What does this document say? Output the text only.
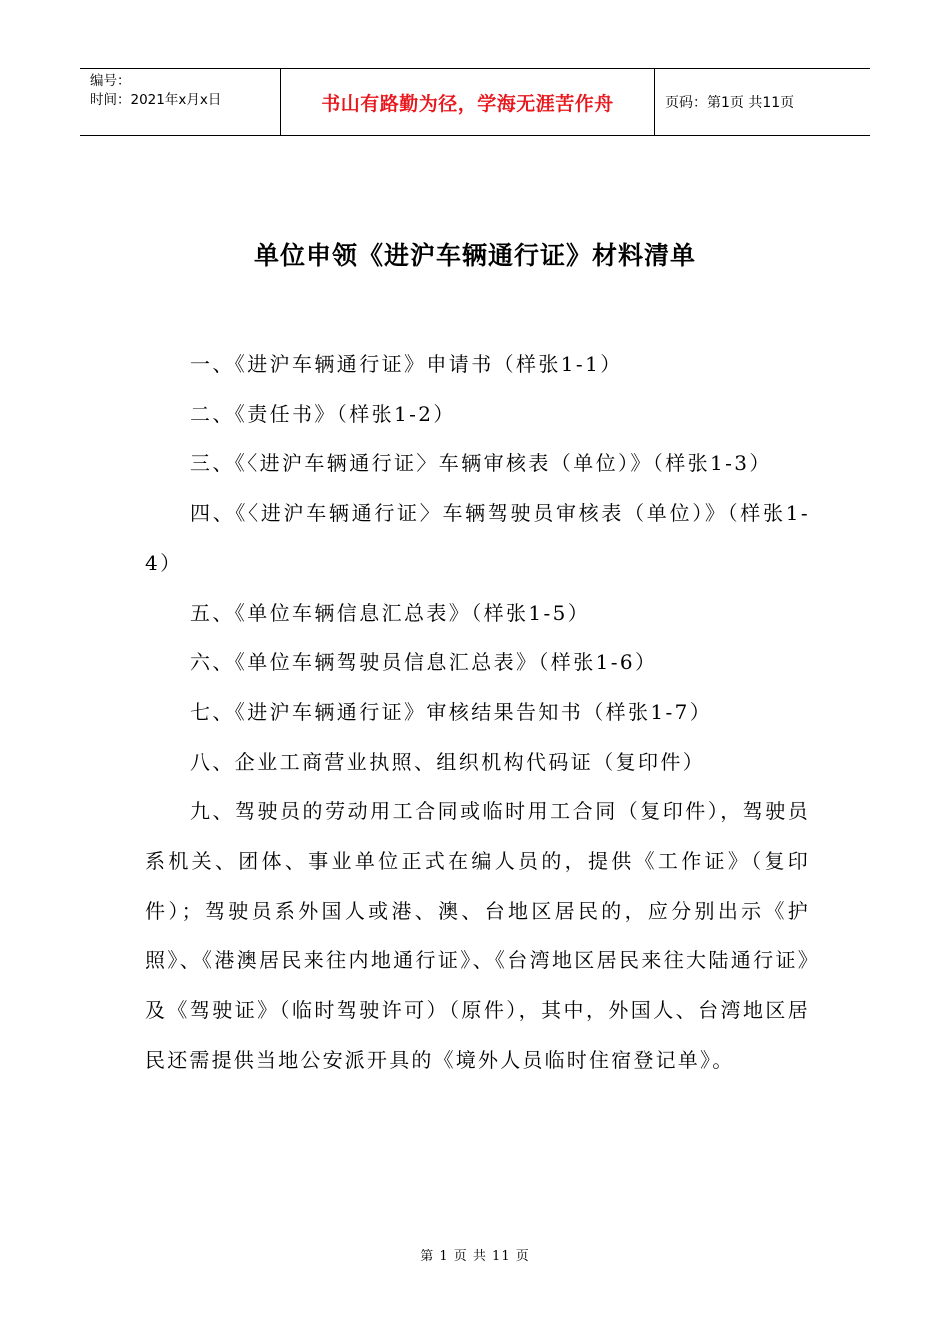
编号：
时间：2021年x月x日	书山有路勤为径，学海无涯苦作舟	页码：第1页 共11页
单位申领《进沪车辆通行证》材料清单

一、《进沪车辆通行证》申请书（样张1-1）

二、《责任书》（样张1-2）

三、《〈进沪车辆通行证〉车辆审核表（单位）》（样张1-3）

四、《〈进沪车辆通行证〉车辆驾驶员审核表（单位）》（样张1-4）

五、《单位车辆信息汇总表》（样张1-5）

六、《单位车辆驾驶员信息汇总表》（样张1-6）

七、《进沪车辆通行证》审核结果告知书（样张1-7）

八、企业工商营业执照、组织机构代码证（复印件）

九、驾驶员的劳动用工合同或临时用工合同（复印件），驾驶员系机关、团体、事业单位正式在编人员的，提供《工作证》（复印件）；驾驶员系外国人或港、澳、台地区居民的，应分别出示《护照》、《港澳居民来往内地通行证》、《台湾地区居民来往大陆通行证》及《驾驶证》（临时驾驶许可）（原件），其中，外国人、台湾地区居民还需提供当地公安派开具的《境外人员临时住宿登记单》。

第 1 页 共 11 页
